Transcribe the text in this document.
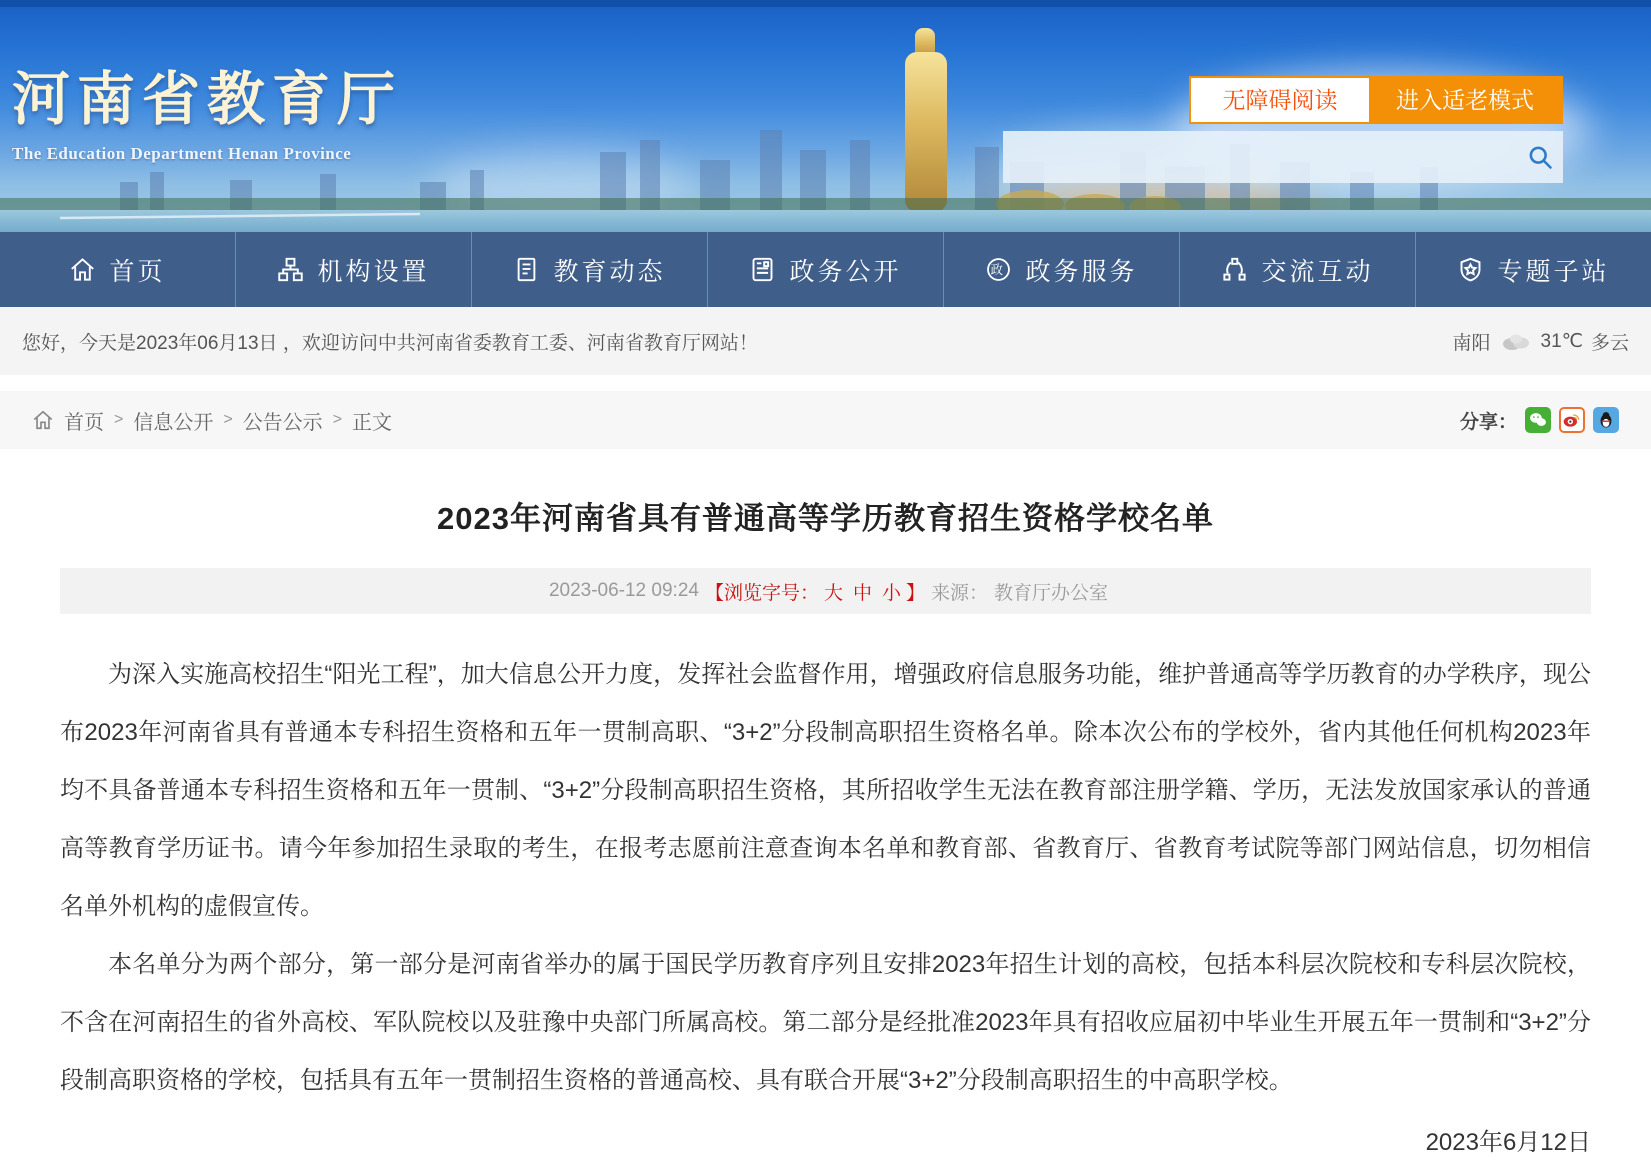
河南省教育厅
The Education Department Henan Province
无障碍阅读	进入适老模式
首页	机构设置	教育动态	政务公开	政 政务服务	交流互动	专题子站
您好，今天是2023年06月13日 ，欢迎访问中共河南省委教育工委、河南省教育厅网站！	南阳	31℃ 多云
首页 > 信息公开 > 公告公示 > 正文	分享：
2023年河南省具有普通高等学历教育招生资格学校名单
2023-06-12 09:24 【浏览字号： 大 中 小 】 来源： 教育厅办公室

为深入实施高校招生“阳光工程”，加大信息公开力度，发挥社会监督作用，增强政府信息服务功能，维护普通高等学历教育的办学秩序，现公布2023年河南省具有普通本专科招生资格和五年一贯制高职、“3+2”分段制高职招生资格名单。除本次公布的学校外，省内其他任何机构2023年均不具备普通本专科招生资格和五年一贯制、“3+2”分段制高职招生资格，其所招收学生无法在教育部注册学籍、学历，无法发放国家承认的普通高等教育学历证书。请今年参加招生录取的考生，在报考志愿前注意查询本名单和教育部、省教育厅、省教育考试院等部门网站信息，切勿相信名单外机构的虚假宣传。

本名单分为两个部分，第一部分是河南省举办的属于国民学历教育序列且安排2023年招生计划的高校，包括本科层次院校和专科层次院校，不含在河南招生的省外高校、军队院校以及驻豫中央部门所属高校。第二部分是经批准2023年具有招收应届初中毕业生开展五年一贯制和“3+2”分段制高职资格的学校，包括具有五年一贯制招生资格的普通高校、具有联合开展“3+2”分段制高职招生的中高职学校。

2023年6月12日
